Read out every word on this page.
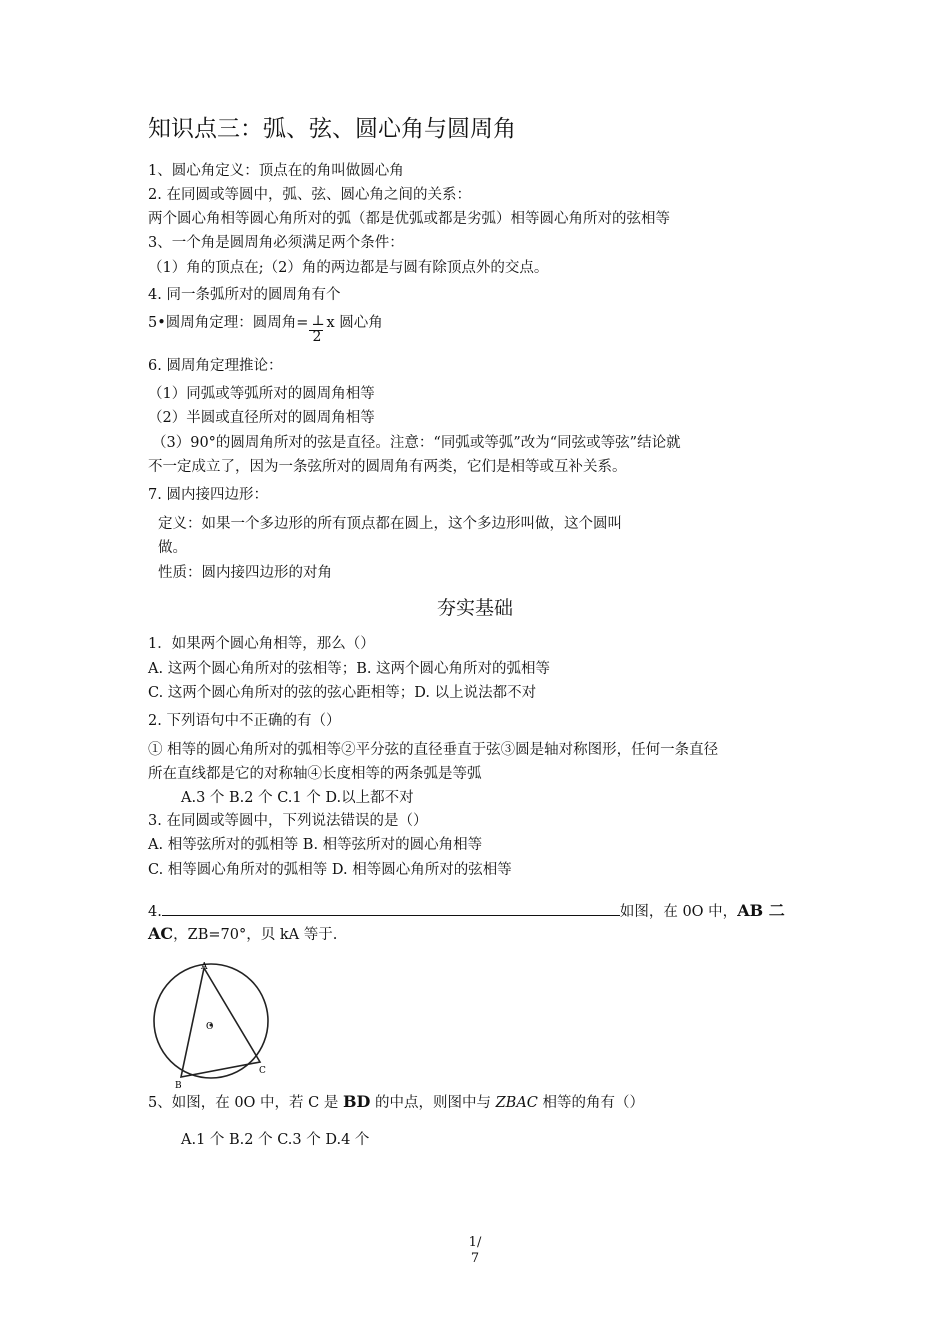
知识点三：弧、弦、圆心角与圆周角
1、圆心角定义：顶点在的角叫做圆心角
2. 在同圆或等圆中，弧、弦、圆心角之间的关系：
两个圆心角相等圆心角所对的弧（都是优弧或都是劣弧）相等圆心角所对的弦相等
3、一个角是圆周角必须满足两个条件：
（1）角的顶点在;（2）角的两边都是与圆有除顶点外的交点。
4. 同一条弧所对的圆周角有个
5•圆周角定理：圆周角= $\frac{\perp}{2}$ x 圆心角
6. 圆周角定理推论：
（1）同弧或等弧所对的圆周角相等
（2）半圆或直径所对的圆周角相等
（3）90°的圆周角所对的弦是直径。注意：“同弧或等弧”改为“同弦或等弦”结论就
不一定成立了，因为一条弦所对的圆周角有两类，它们是相等或互补关系。
7. 圆内接四边形：
定义：如果一个多边形的所有顶点都在圆上，这个多边形叫做，这个圆叫
做。
性质：圆内接四边形的对角
夯实基础
1．如果两个圆心角相等，那么（）
A. 这两个圆心角所对的弦相等；B. 这两个圆心角所对的弧相等
C. 这两个圆心角所对的弦的弦心距相等；D. 以上说法都不对
2. 下列语句中不正确的有（）
① 相等的圆心角所对的弧相等②平分弦的直径垂直于弦③圆是轴对称图形，任何一条直径
所在直线都是它的对称轴④长度相等的两条弧是等弧
A.3 个 B.2 个 C.1 个 D.以上都不对
3. 在同圆或等圆中，下列说法错误的是（）
A. 相等弦所对的弧相等 B. 相等弦所对的圆心角相等
C. 相等圆心角所对的弧相等 D. 相等圆心角所对的弦相等
4.	如图，在 0O 中，AB 二
AC，ZB=70°，贝 kA 等于.
A
B
C
O
5、如图，在 0O 中，若 C 是 BD 的中点，则图中与 ZBAC 相等的角有（）
A.1 个 B.2 个 C.3 个 D.4 个
1/
7
